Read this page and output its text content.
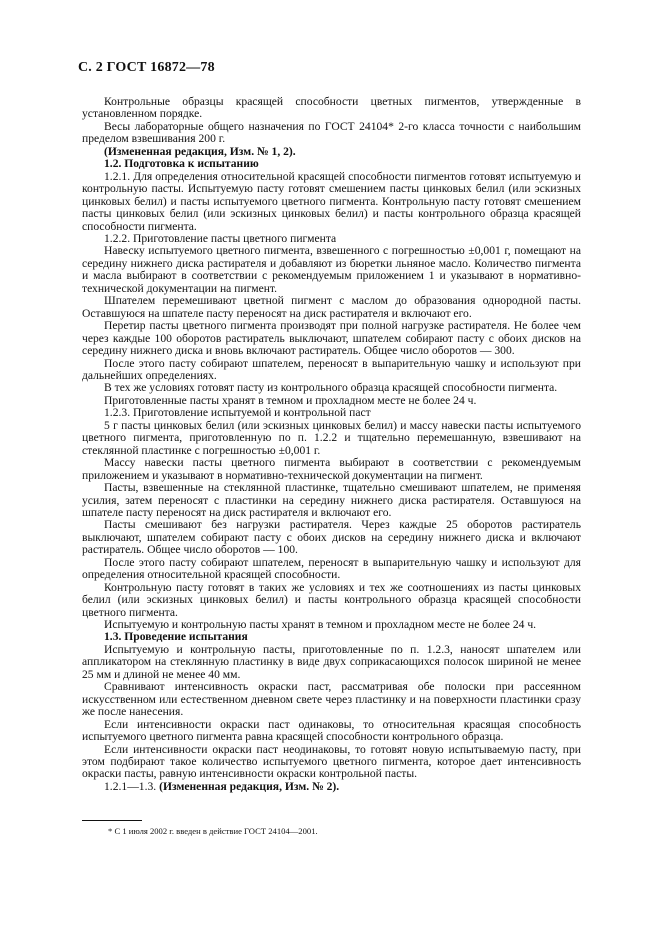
С. 2 ГОСТ 16872—78

Контрольные образцы красящей способности цветных пигментов, утвержденные в установленном порядке.

Весы лабораторные общего назначения по ГОСТ 24104* 2-го класса точности с наибольшим пределом взвешивания 200 г.

(Измененная редакция, Изм. № 1, 2).

1.2. Подготовка к испытанию

1.2.1. Для определения относительной красящей способности пигментов готовят испытуемую и контрольную пасты. Испытуемую пасту готовят смешением пасты цинковых белил (или эскизных цинковых белил) и пасты испытуемого цветного пигмента. Контрольную пасту готовят смешением пасты цинковых белил (или эскизных цинковых белил) и пасты контрольного образца красящей способности пигмента.

1.2.2. Приготовление пасты цветного пигмента

Навеску испытуемого цветного пигмента, взвешенного с погрешностью ±0,001 г, помещают на середину нижнего диска растирателя и добавляют из бюретки льняное масло. Количество пигмента и масла выбирают в соответствии с рекомендуемым приложением 1 и указывают в нормативно-технической документации на пигмент.

Шпателем перемешивают цветной пигмент с маслом до образования однородной пасты. Оставшуюся на шпателе пасту переносят на диск растирателя и включают его.

Перетир пасты цветного пигмента производят при полной нагрузке растирателя. Не более чем через каждые 100 оборотов растиратель выключают, шпателем собирают пасту с обоих дисков на середину нижнего диска и вновь включают растиратель. Общее число оборотов — 300.

После этого пасту собирают шпателем, переносят в выпарительную чашку и используют при дальнейших определениях.

В тех же условиях готовят пасту из контрольного образца красящей способности пигмента.

Приготовленные пасты хранят в темном и прохладном месте не более 24 ч.

1.2.3. Приготовление испытуемой и контрольной паст

5 г пасты цинковых белил (или эскизных цинковых белил) и массу навески пасты испытуемого цветного пигмента, приготовленную по п. 1.2.2 и тщательно перемешанную, взвешивают на стеклянной пластинке с погрешностью ±0,001 г.

Массу навески пасты цветного пигмента выбирают в соответствии с рекомендуемым приложением и указывают в нормативно-технической документации на пигмент.

Пасты, взвешенные на стеклянной пластинке, тщательно смешивают шпателем, не применяя усилия, затем переносят с пластинки на середину нижнего диска растирателя. Оставшуюся на шпателе пасту переносят на диск растирателя и включают его.

Пасты смешивают без нагрузки растирателя. Через каждые 25 оборотов растиратель выключают, шпателем собирают пасту с обоих дисков на середину нижнего диска и включают растиратель. Общее число оборотов — 100.

После этого пасту собирают шпателем, переносят в выпарительную чашку и используют для определения относительной красящей способности.

Контрольную пасту готовят в таких же условиях и тех же соотношениях из пасты цинковых белил (или эскизных цинковых белил) и пасты контрольного образца красящей способности цветного пигмента.

Испытуемую и контрольную пасты хранят в темном и прохладном месте не более 24 ч.

1.3. Проведение испытания

Испытуемую и контрольную пасты, приготовленные по п. 1.2.3, наносят шпателем или аппликатором на стеклянную пластинку в виде двух соприкасающихся полосок шириной не менее 25 мм и длиной не менее 40 мм.

Сравнивают интенсивность окраски паст, рассматривая обе полоски при рассеянном искусственном или естественном дневном свете через пластинку и на поверхности пластинки сразу же после нанесения.

Если интенсивности окраски паст одинаковы, то относительная красящая способность испытуемого цветного пигмента равна красящей способности контрольного образца.

Если интенсивности окраски паст неодинаковы, то готовят новую испытываемую пасту, при этом подбирают такое количество испытуемого цветного пигмента, которое дает интенсивность окраски пасты, равную интенсивности окраски контрольной пасты.

1.2.1—1.3. (Измененная редакция, Изм. № 2).

* С 1 июля 2002 г. введен в действие ГОСТ 24104—2001.
